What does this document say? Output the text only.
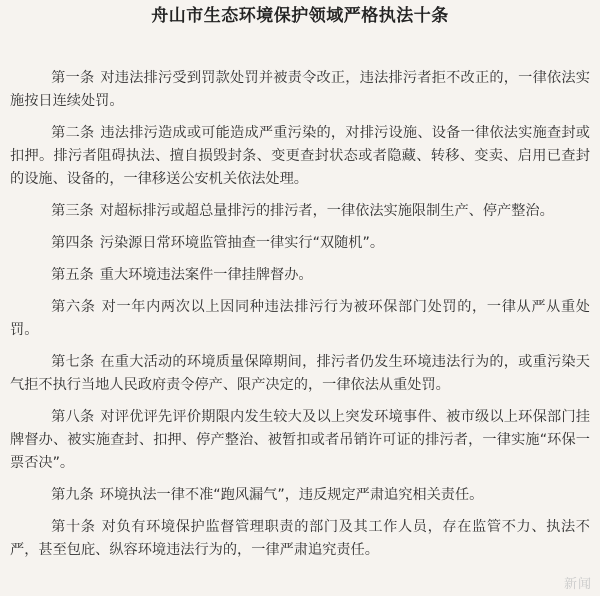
舟山市生态环境保护领域严格执法十条

第一条 对违法排污受到罚款处罚并被责令改正，违法排污者拒不改正的，一律依法实施按日连续处罚。

第二条 违法排污造成或可能造成严重污染的，对排污设施、设备一律依法实施查封或扣押。排污者阻碍执法、擅自损毁封条、变更查封状态或者隐藏、转移、变卖、启用已查封的设施、设备的，一律移送公安机关依法处理。

第三条 对超标排污或超总量排污的排污者，一律依法实施限制生产、停产整治。

第四条 污染源日常环境监管抽查一律实行“双随机”。

第五条 重大环境违法案件一律挂牌督办。

第六条 对一年内两次以上因同种违法排污行为被环保部门处罚的，一律从严从重处罚。

第七条 在重大活动的环境质量保障期间，排污者仍发生环境违法行为的，或重污染天气拒不执行当地人民政府责令停产、限产决定的，一律依法从重处罚。

第八条 对评优评先评价期限内发生较大及以上突发环境事件、被市级以上环保部门挂牌督办、被实施查封、扣押、停产整治、被暂扣或者吊销许可证的排污者，一律实施“环保一票否决”。

第九条 环境执法一律不准“跑风漏气”，违反规定严肃追究相关责任。

第十条 对负有环境保护监督管理职责的部门及其工作人员，存在监管不力、执法不严，甚至包庇、纵容环境违法行为的，一律严肃追究责任。

新闻
